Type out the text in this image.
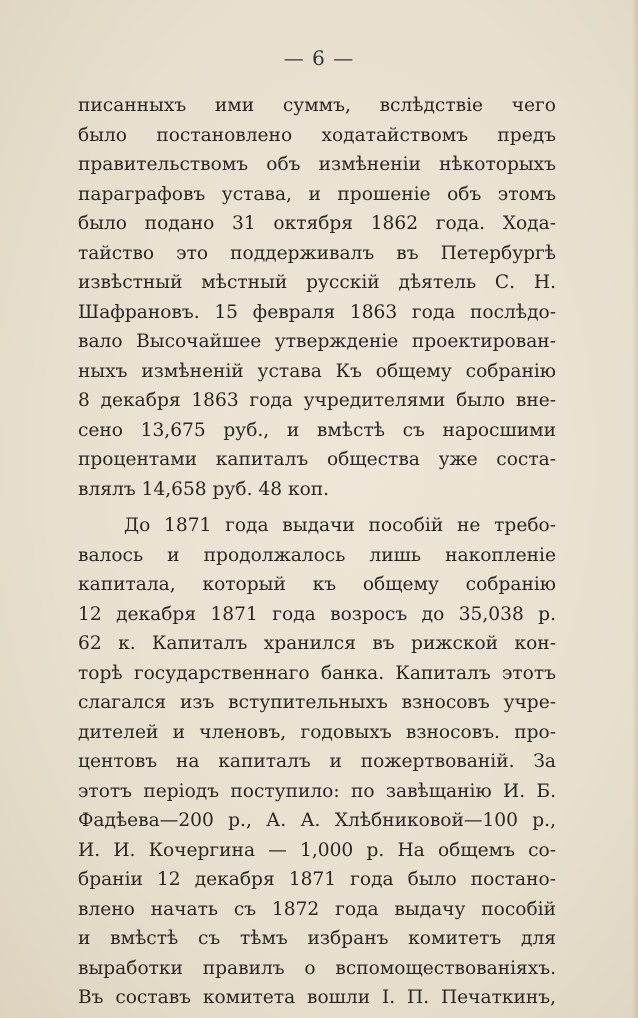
— 6 —
писанныхъ ими суммъ, вслѣдствіе чего
было постановлено ходатайствомъ предъ
правительствомъ объ измѣненіи нѣкоторыхъ
параграфовъ устава, и прошеніе объ этомъ
было подано 31 октября 1862 года. Хода-
тайство это поддерживалъ въ Петербургѣ
извѣстный мѣстный русскій дѣятель С. Н.
Шафрановъ. 15 февраля 1863 года послѣдо-
вало Высочайшее утвержденіе проектирован-
ныхъ измѣненій устава Къ общему собранію
8 декабря 1863 года учредителями было вне-
сено 13,675 руб., и вмѣстѣ съ наросшими
процентами капиталъ общества уже соста-
влялъ 14,658 руб. 48 коп.
До 1871 года выдачи пособій не требо-
валось и продолжалось лишь накопленіе
капитала, который къ общему собранію
12 декабря 1871 года возросъ до 35,038 р.
62 к. Капиталъ хранился въ рижской кон-
торѣ государственнаго банка. Капиталъ этотъ
слагался изъ вступительныхъ взносовъ учре-
дителей и членовъ, годовыхъ взносовъ. про-
центовъ на капиталъ и пожертвованій. За
этотъ періодъ поступило: по завѣщанію И. Б.
Фадѣева—200 р., А. А. Хлѣбниковой—100 р.,
И. И. Кочергина — 1,000 р. На общемъ со-
браніи 12 декабря 1871 года было постано-
влено начать съ 1872 года выдачу пособій
и вмѣстѣ съ тѣмъ избранъ комитетъ для
выработки правилъ о вспомоществованіяхъ.
Въ составъ комитета вошли І. П. Печаткинъ,
